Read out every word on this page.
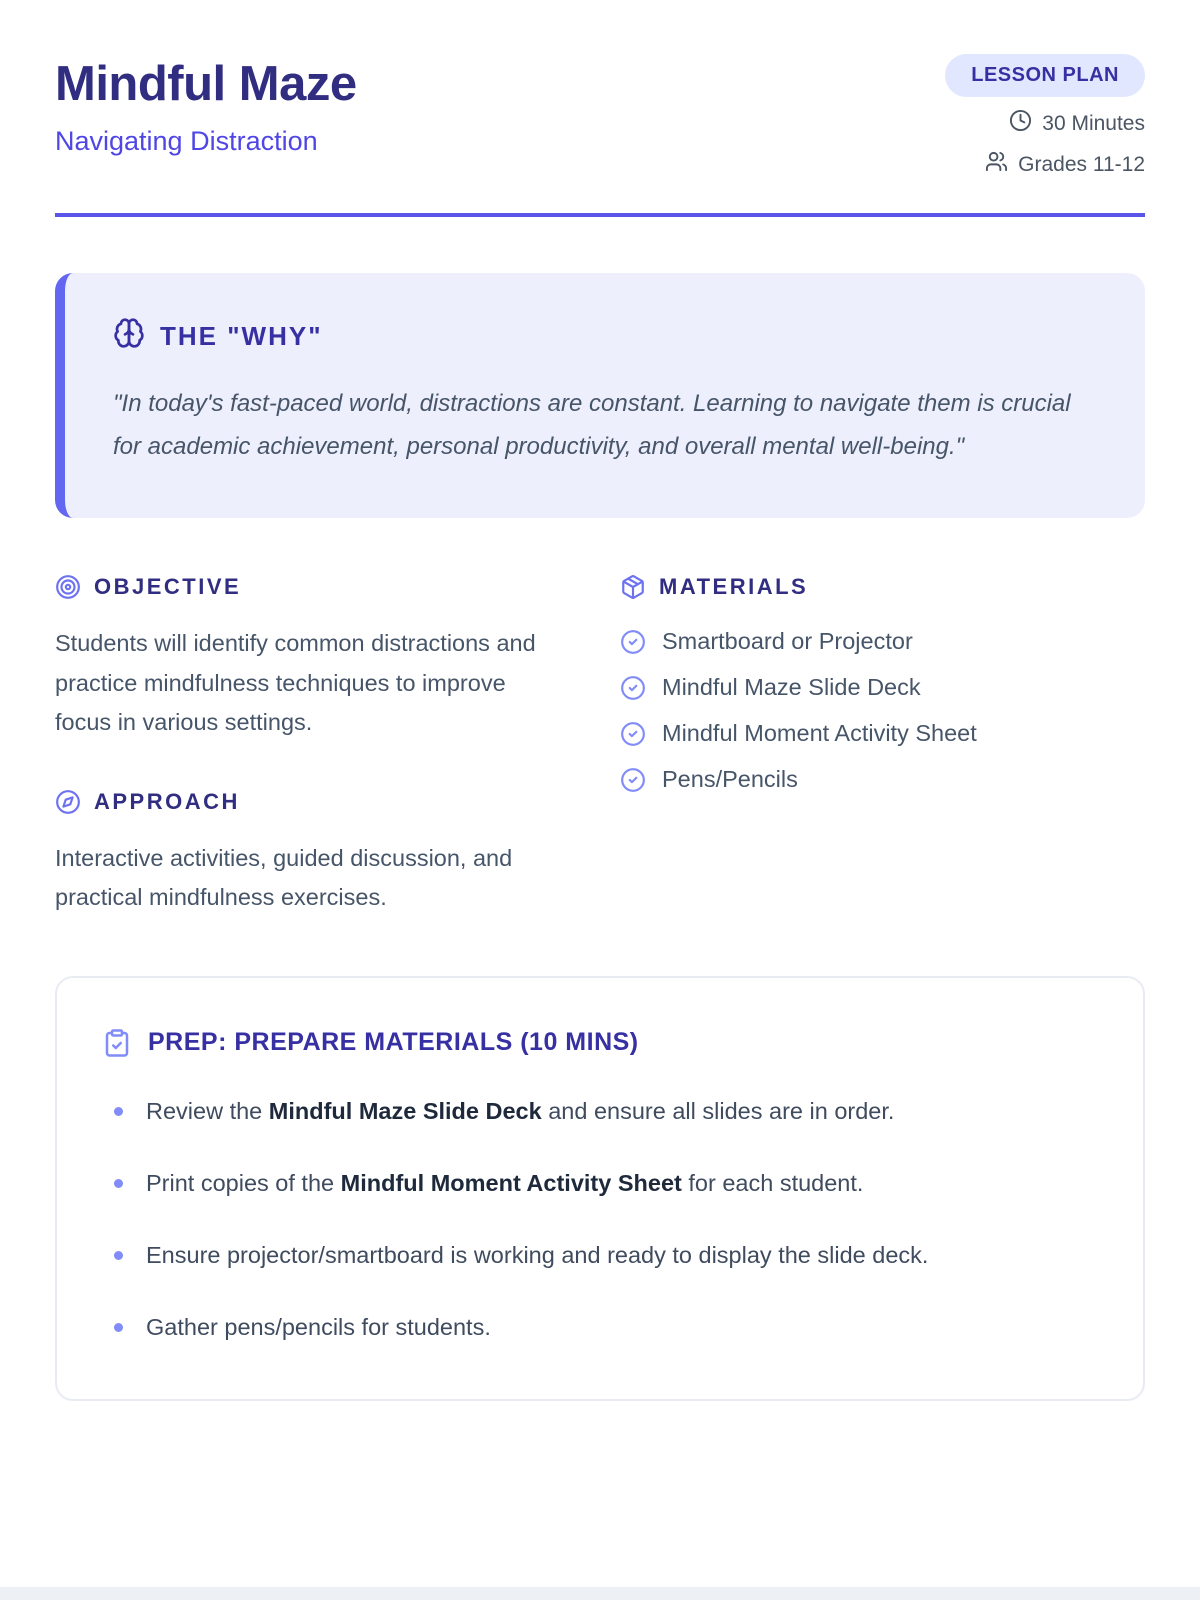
Mindful Maze
Navigating Distraction
LESSON PLAN
30 Minutes
Grades 11-12
THE "WHY"
"In today's fast-paced world, distractions are constant. Learning to navigate them is crucial for academic achievement, personal productivity, and overall mental well-being."
OBJECTIVE

Students will identify common distractions and practice mindfulness techniques to improve focus in various settings.

APPROACH

Interactive activities, guided discussion, and practical mindfulness exercises.

MATERIALS
Smartboard or Projector
Mindful Maze Slide Deck
Mindful Moment Activity Sheet
Pens/Pencils
PREP: PREPARE MATERIALS (10 MINS)
Review the Mindful Maze Slide Deck and ensure all slides are in order.
Print copies of the Mindful Moment Activity Sheet for each student.
Ensure projector/smartboard is working and ready to display the slide deck.
Gather pens/pencils for students.
